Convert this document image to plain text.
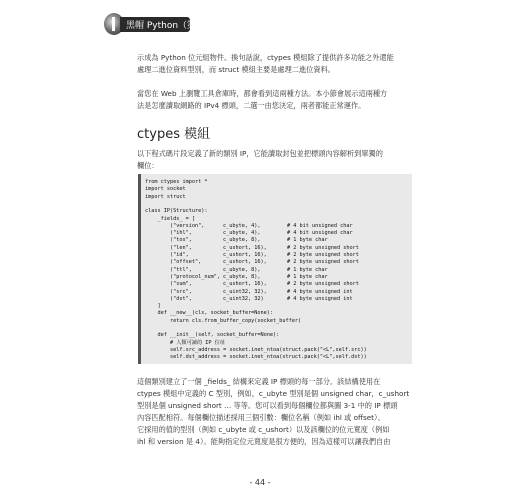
黑帽 Python（第二版）

示成為 Python 位元組物件。換句話說，ctypes 模組除了提供許多功能之外還能
處理二進位資料型別，而 struct 模組主要是處理二進位資料。

當您在 Web 上瀏覽工具倉庫時，都會看到這兩種方法。本小節會展示這兩種方
法是怎麼讀取網路的 IPv4 標頭，二選一由您決定，兩者都能正常運作。

ctypes 模組

以下程式碼片段定義了新的類別 IP，它能讀取封包並把標頭內容解析到單獨的
欄位：

from ctypes import *
import socket
import struct
class IP(Structure):
_fields_ = [
("version",	c_ubyte, 4),	# 4 bit unsigned char
("ihl",	c_ubyte, 4),	# 4 bit unsigned char
("tos",	c_ubyte, 8),	# 1 byte char
("len",	c_ushort, 16),	# 2 byte unsigned short
("id",	c_ushort, 16),	# 2 byte unsigned short
("offset",	c_ushort, 16),	# 2 byte unsigned short
("ttl",	c_ubyte, 8),	# 1 byte char
("protocol_num", c_ubyte, 8),	# 1 byte char
("sum",	c_ushort, 16),	# 2 byte unsigned short
("src",	c_uint32, 32),	# 4 byte unsigned int
("dst",	c_uint32, 32)	# 4 byte unsigned int
]
def __new__(cls, socket_buffer=None):
return cls.from_buffer_copy(socket_buffer)
def __init__(self, socket_buffer=None):
# 人類可讀的 IP 位址
self.src_address = socket.inet_ntoa(struct.pack("<L",self.src))
self.dst_address = socket.inet_ntoa(struct.pack("<L",self.dst))

這個類別建立了一個 _fields_ 結構來定義 IP 標頭的每一部分。該結構使用在
ctypes 模組中定義的 C 型別，例如，c_ubyte 型別是個 unsigned char，c_ushort
型別是個 unsigned short … 等等。您可以看到每個欄位都與圖 3-1 中的 IP 標頭
內容匹配相符。每個欄位描述採用三個引數：欄位名稱（例如 ihl 或 offset）、
它採用的值的型別（例如 c_ubyte 或 c_ushort）以及該欄位的位元寬度（例如
ihl 和 version 是 4）。能夠指定位元寬度是很方便的，因為這樣可以讓我們自由

- 44 -
